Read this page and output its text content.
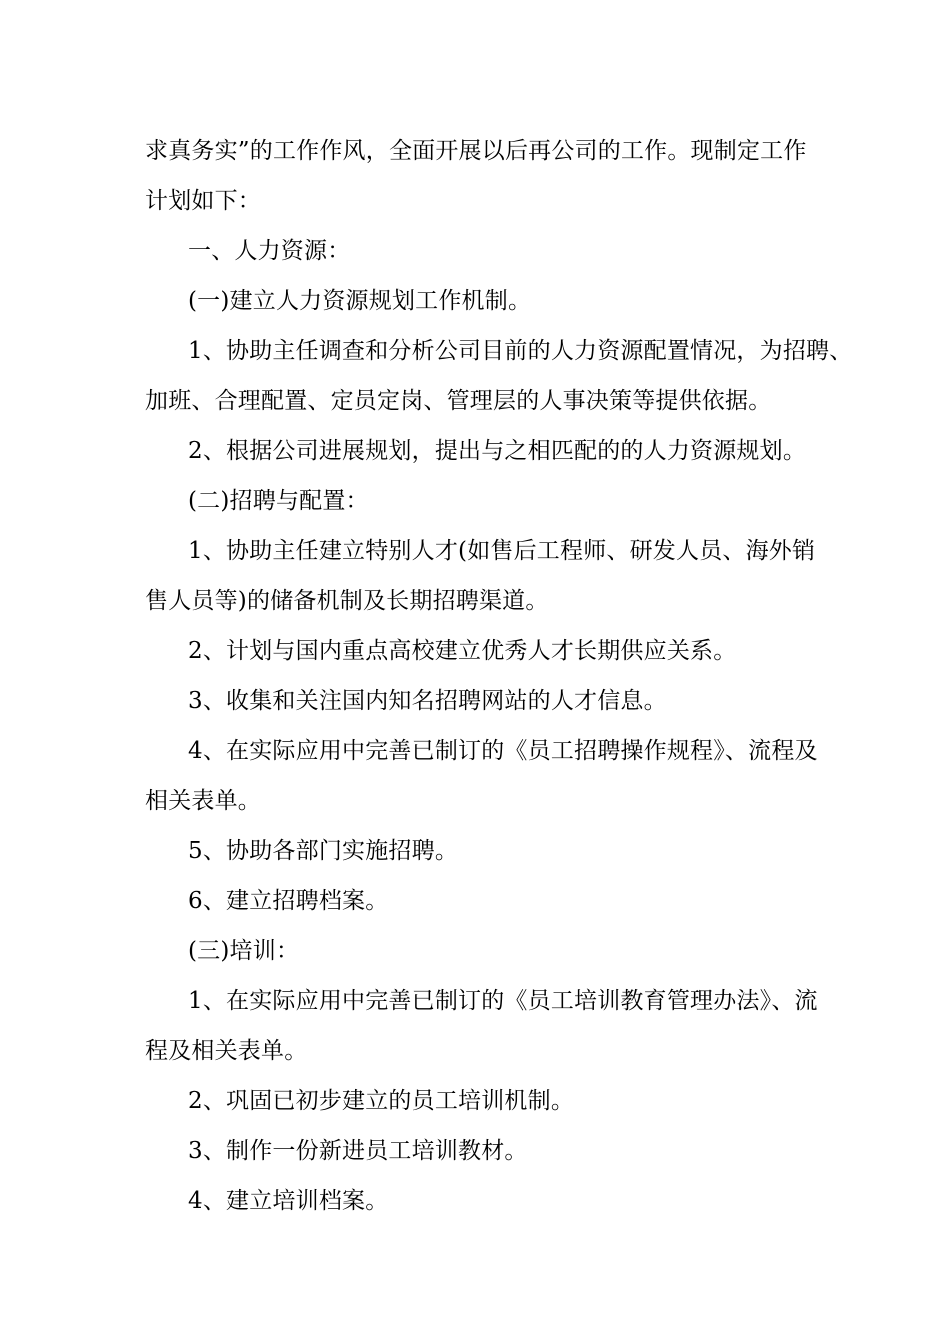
求真务实”的工作作风，全面开展以后再公司的工作。现制定工作
计划如下：
一、人力资源：
(一)建立人力资源规划工作机制。
1、协助主任调查和分析公司目前的人力资源配置情况，为招聘、
加班、合理配置、定员定岗、管理层的人事决策等提供依据。
2、根据公司进展规划，提出与之相匹配的的人力资源规划。
(二)招聘与配置：
1、协助主任建立特别人才(如售后工程师、研发人员、海外销
售人员等)的储备机制及长期招聘渠道。
2、计划与国内重点高校建立优秀人才长期供应关系。
3、收集和关注国内知名招聘网站的人才信息。
4、在实际应用中完善已制订的《员工招聘操作规程》、流程及
相关表单。
5、协助各部门实施招聘。
6、建立招聘档案。
(三)培训：
1、在实际应用中完善已制订的《员工培训教育管理办法》、流
程及相关表单。
2、巩固已初步建立的员工培训机制。
3、制作一份新进员工培训教材。
4、建立培训档案。
